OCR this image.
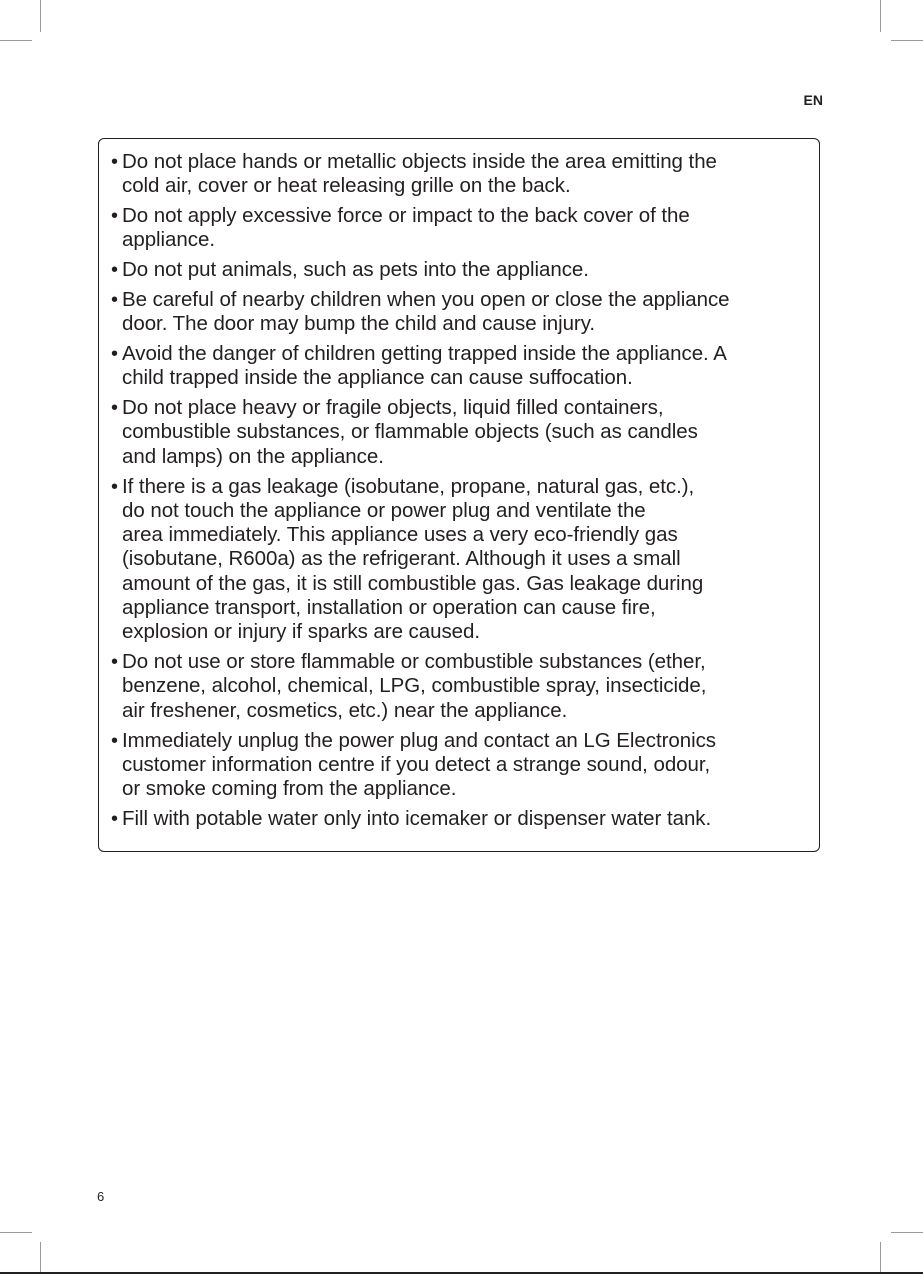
EN
• Do not place hands or metallic objects inside the area emitting the
cold air, cover or heat releasing grille on the back.
• Do not apply excessive force or impact to the back cover of the
appliance.
• Do not put animals, such as pets into the appliance.
• Be careful of nearby children when you open or close the appliance
door. The door may bump the child and cause injury.
• Avoid the danger of children getting trapped inside the appliance. A
child trapped inside the appliance can cause suffocation.
• Do not place heavy or fragile objects, liquid filled containers,
combustible substances, or flammable objects (such as candles
and lamps) on the appliance.
• If there is a gas leakage (isobutane, propane, natural gas, etc.),
do not touch the appliance or power plug and ventilate the
area immediately. This appliance uses a very eco-friendly gas
(isobutane, R600a) as the refrigerant. Although it uses a small
amount of the gas, it is still combustible gas. Gas leakage during
appliance transport, installation or operation can cause fire,
explosion or injury if sparks are caused.
• Do not use or store flammable or combustible substances (ether,
benzene, alcohol, chemical, LPG, combustible spray, insecticide,
air freshener, cosmetics, etc.) near the appliance.
• Immediately unplug the power plug and contact an LG Electronics
customer information centre if you detect a strange sound, odour,
or smoke coming from the appliance.
• Fill with potable water only into icemaker or dispenser water tank.
6
